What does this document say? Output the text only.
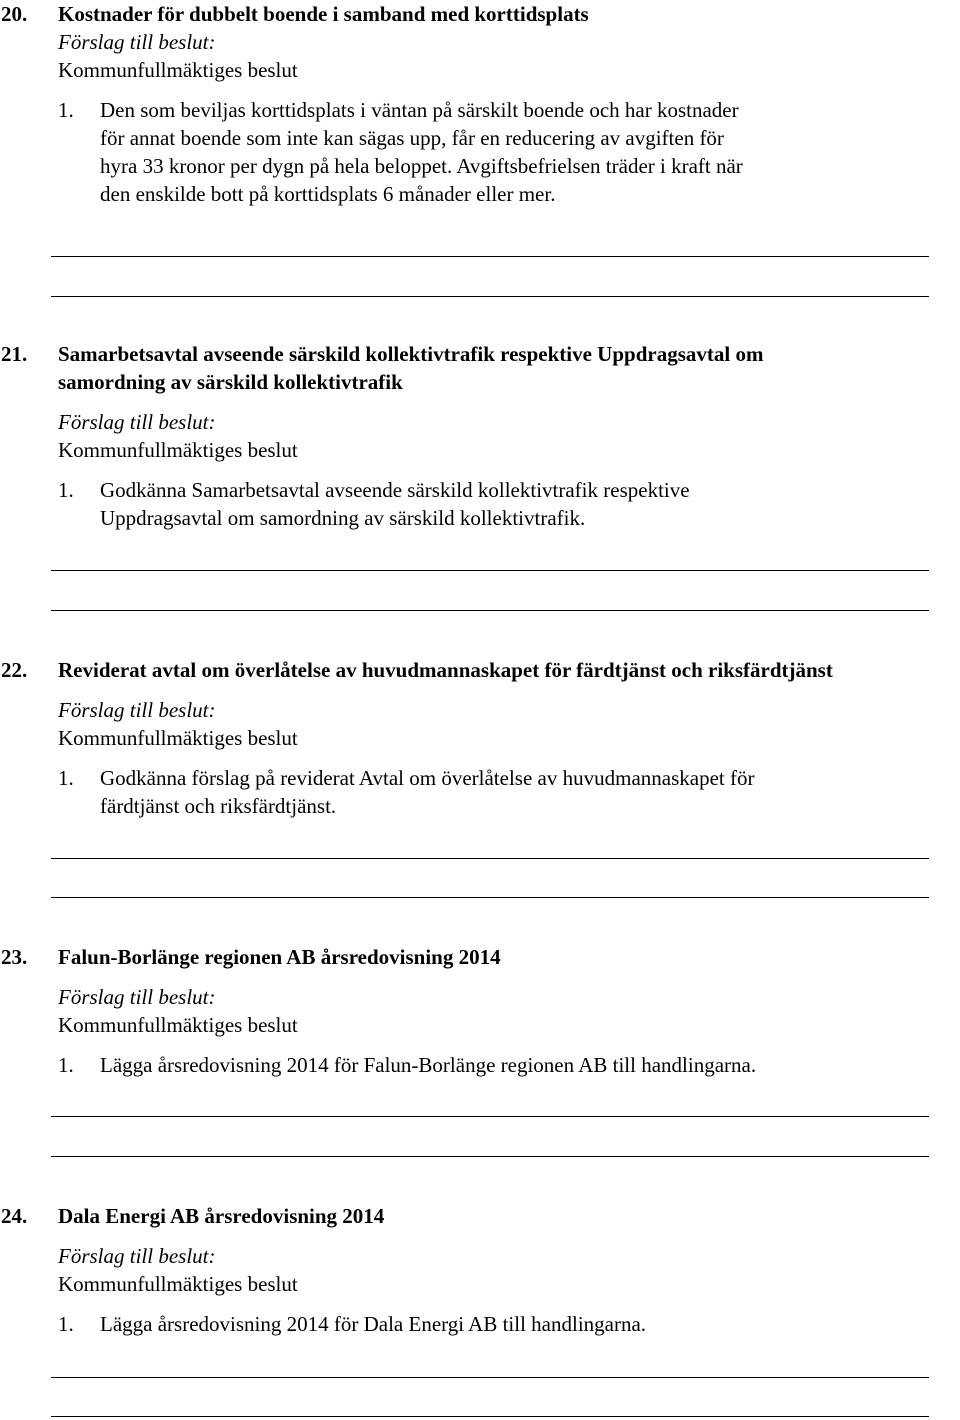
20. Kostnader för dubbelt boende i samband med korttidsplats

Förslag till beslut:

Kommunfullmäktiges beslut

1. Den som beviljas korttidsplats i väntan på särskilt boende och har kostnader
för annat boende som inte kan sägas upp, får en reducering av avgiften för
hyra 33 kronor per dygn på hela beloppet. Avgiftsbefrielsen träder i kraft när
den enskilde bott på korttidsplats 6 månader eller mer.
21. Samarbetsavtal avseende särskild kollektivtrafik respektive Uppdragsavtal om
samordning av särskild kollektivtrafik

Förslag till beslut:

Kommunfullmäktiges beslut

1. Godkänna Samarbetsavtal avseende särskild kollektivtrafik respektive
Uppdragsavtal om samordning av särskild kollektivtrafik.
22. Reviderat avtal om överlåtelse av huvudmannaskapet för färdtjänst och riksfärdtjänst

Förslag till beslut:

Kommunfullmäktiges beslut

1. Godkänna förslag på reviderat Avtal om överlåtelse av huvudmannaskapet för
färdtjänst och riksfärdtjänst.
23. Falun-Borlänge regionen AB årsredovisning 2014

Förslag till beslut:

Kommunfullmäktiges beslut

1. Lägga årsredovisning 2014 för Falun-Borlänge regionen AB till handlingarna.
24. Dala Energi AB årsredovisning 2014

Förslag till beslut:

Kommunfullmäktiges beslut

1. Lägga årsredovisning 2014 för Dala Energi AB till handlingarna.
